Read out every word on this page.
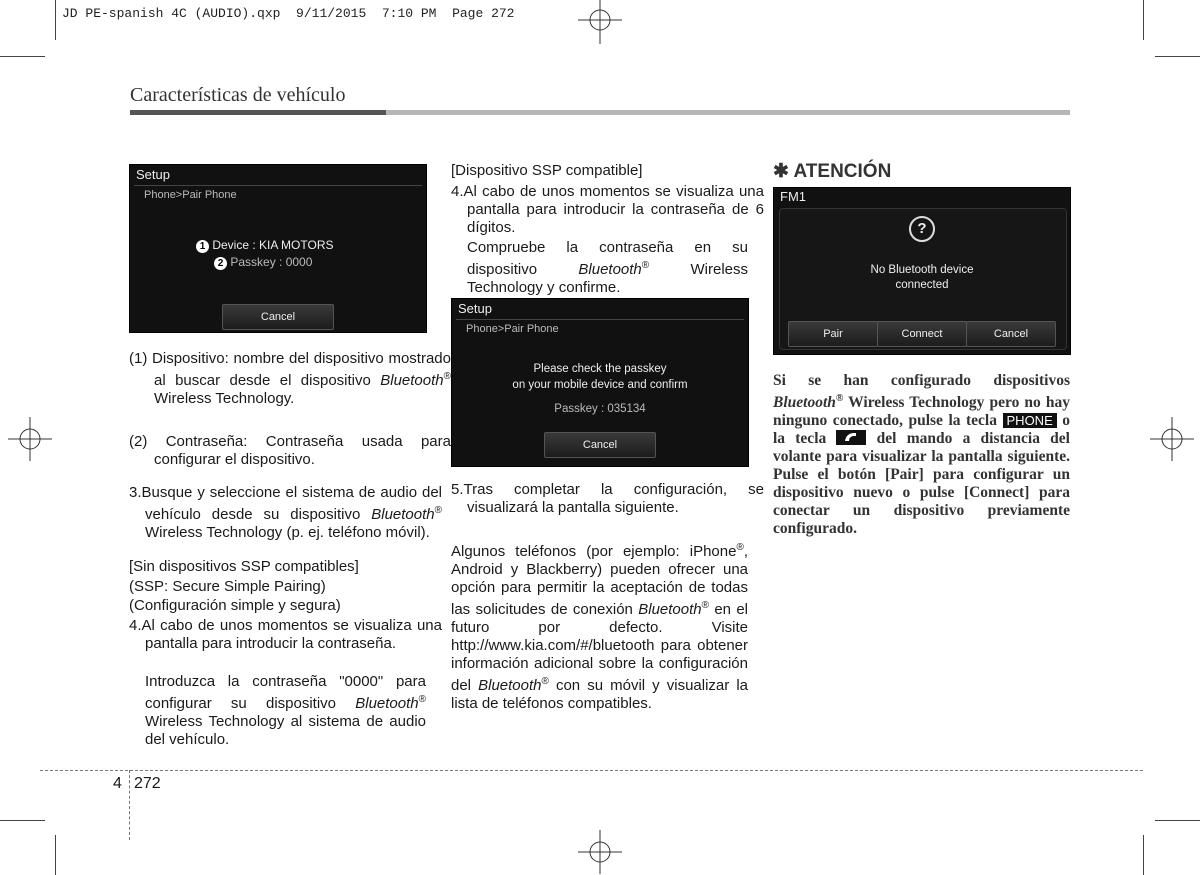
JD PE-spanish 4C (AUDIO).qxp  9/11/2015  7:10 PM  Page 272
Características de vehículo
Setup
Phone>Pair Phone
1 Device : KIA MOTORS
2 Passkey : 0000
Cancel
(1) Dispositivo: nombre del dispositivo mostrado al buscar desde el dispositivo Bluetooth® Wireless Technology.
(2) Contraseña: Contraseña usada para configurar el dispositivo.
3.Busque y seleccione el sistema de audio del vehículo desde su dispositivo Bluetooth® Wireless Technology (p. ej. teléfono móvil).
[Sin dispositivos SSP compatibles]
(SSP: Secure Simple Pairing)
(Configuración simple y segura)
4.Al cabo de unos momentos se visualiza una pantalla para introducir la contraseña.
Introduzca la contraseña "0000" para configurar su dispositivo Bluetooth® Wireless Technology al sistema de audio del vehículo.
[Dispositivo SSP compatible]
4.Al cabo de unos momentos se visualiza una pantalla para introducir la contraseña de 6 dígitos.
Compruebe la contraseña en su dispositivo	Bluetooth® Wireless Technology y confirme.
Setup
Phone>Pair Phone
Please check the passkey
on your mobile device and confirm
Passkey : 035134
Cancel
5.Tras completar la configuración, se visualizará la pantalla siguiente.
Algunos teléfonos (por ejemplo: iPhone®, Android y Blackberry) pueden ofrecer una opción para permitir la aceptación de todas las solicitudes de conexión Bluetooth® en el futuro por defecto. Visite http://www.kia.com/#/bluetooth para obtener información adicional sobre la configuración del Bluetooth® con su móvil y visualizar la lista de teléfonos compatibles.
✱ ATENCIÓN
FM1
?
No Bluetooth device
connected
Pair	Connect	Cancel
Si se han configurado dispositivos Bluetooth® Wireless Technology pero no hay ninguno conectado, pulse la tecla PHONE o la tecla
del mando a distancia del volante para visualizar la pantalla siguiente. Pulse el botón [Pair] para configurar un dispositivo nuevo o pulse [Connect] para conectar un dispositivo previamente configurado.
4 272
